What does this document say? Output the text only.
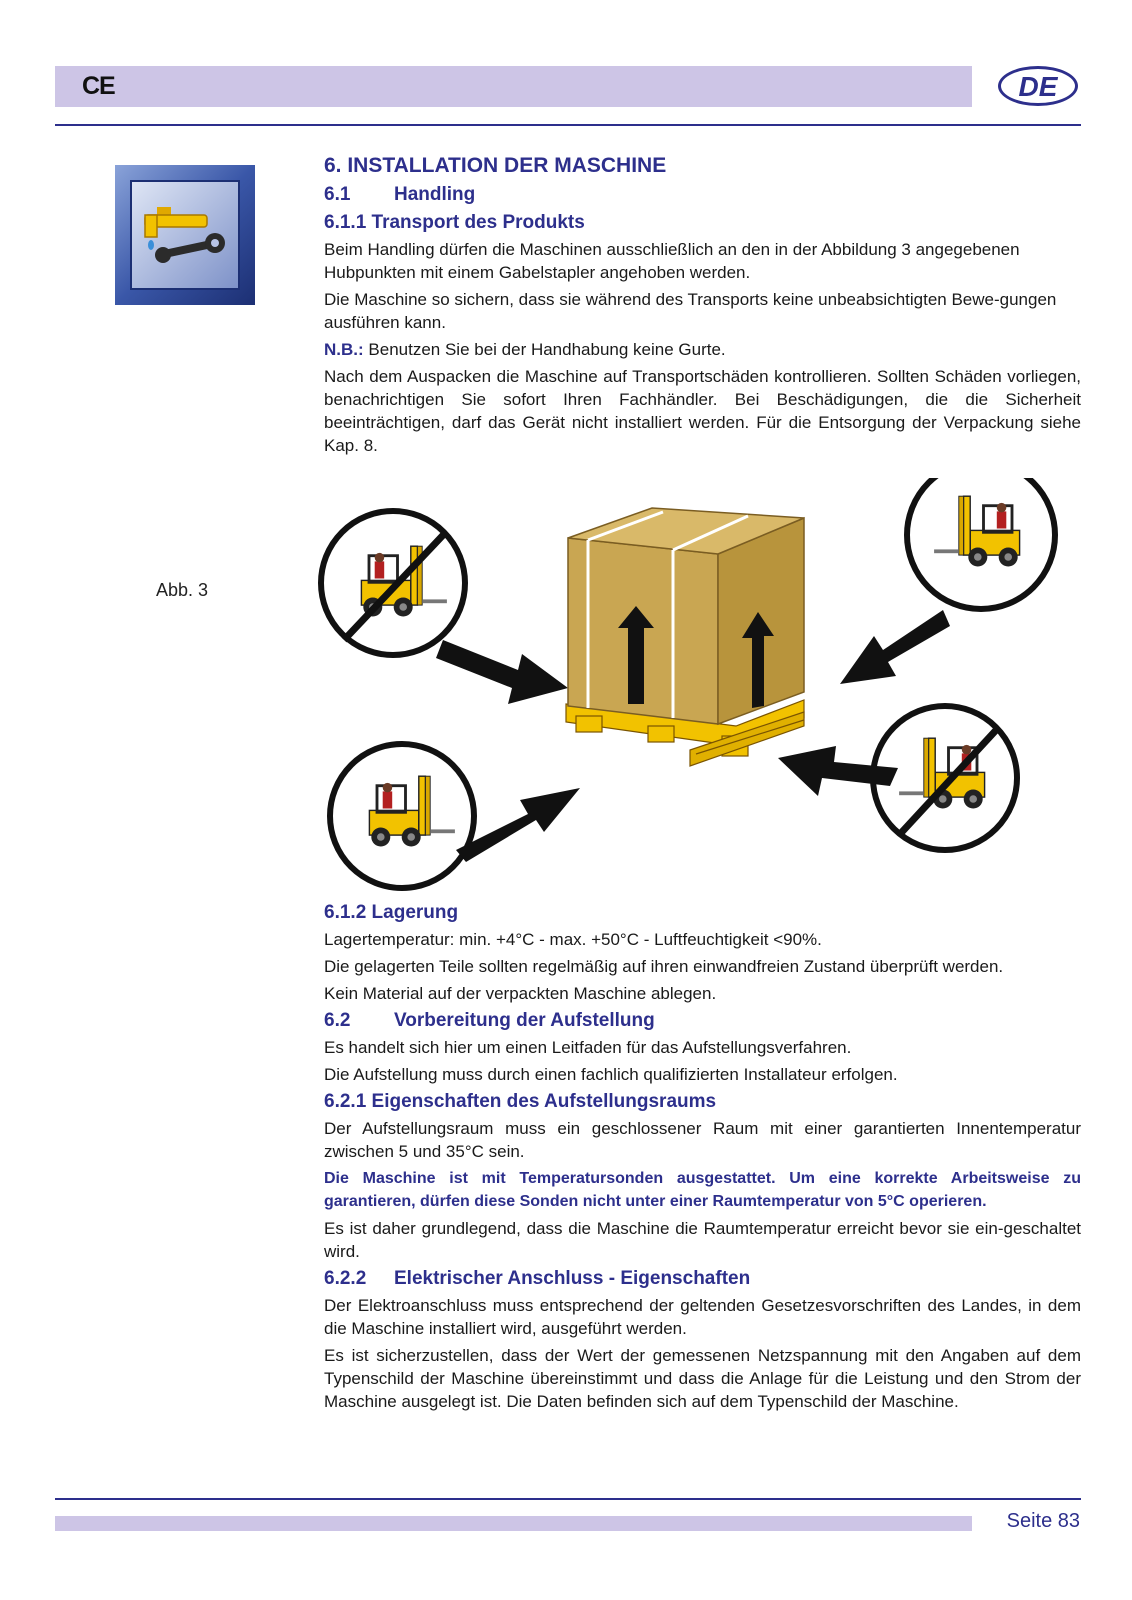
CE	DE
Abb. 3
6. INSTALLATION DER MASCHINE
6.1 Handling
6.1.1 Transport des Produkts

Beim Handling dürfen die Maschinen ausschließlich an den in der Abbildung 3 angegebenen Hubpunkten mit einem Gabelstapler angehoben werden.

Die Maschine so sichern, dass sie während des Transports keine unbeabsichtigten Bewe-gungen ausführen kann.

N.B.: Benutzen Sie bei der Handhabung keine Gurte.

Nach dem Auspacken die Maschine auf Transportschäden kontrollieren. Sollten Schäden vorliegen, benachrichtigen Sie sofort Ihren Fachhändler. Bei Beschädigungen, die die Sicherheit beeinträchtigen, darf das Gerät nicht installiert werden. Für die Entsorgung der Verpackung siehe Kap. 8.

6.1.2 Lagerung

Lagertemperatur: min. +4°C - max. +50°C - Luftfeuchtigkeit <90%.

Die gelagerten Teile sollten regelmäßig auf ihren einwandfreien Zustand überprüft werden.

Kein Material auf der verpackten Maschine ablegen.

6.2 Vorbereitung der Aufstellung

Es handelt sich hier um einen Leitfaden für das Aufstellungsverfahren.

Die Aufstellung muss durch einen fachlich qualifizierten Installateur erfolgen.

6.2.1 Eigenschaften des Aufstellungsraums

Der Aufstellungsraum muss ein geschlossener Raum mit einer garantierten Innentemperatur zwischen 5 und 35°C sein.

Die Maschine ist mit Temperatursonden ausgestattet. Um eine korrekte Arbeitsweise zu garantieren, dürfen diese Sonden nicht unter einer Raumtemperatur von 5°C operieren.

Es ist daher grundlegend, dass die Maschine die Raumtemperatur erreicht bevor sie ein-geschaltet wird.

6.2.2 Elektrischer Anschluss - Eigenschaften

Der Elektroanschluss muss entsprechend der geltenden Gesetzesvorschriften des Landes, in dem die Maschine installiert wird, ausgeführt werden.

Es ist sicherzustellen, dass der Wert der gemessenen Netzspannung mit den Angaben auf dem Typenschild der Maschine übereinstimmt und dass die Anlage für die Leistung und den Strom der Maschine ausgelegt ist. Die Daten befinden sich auf dem Typenschild der Maschine.

Seite 83
